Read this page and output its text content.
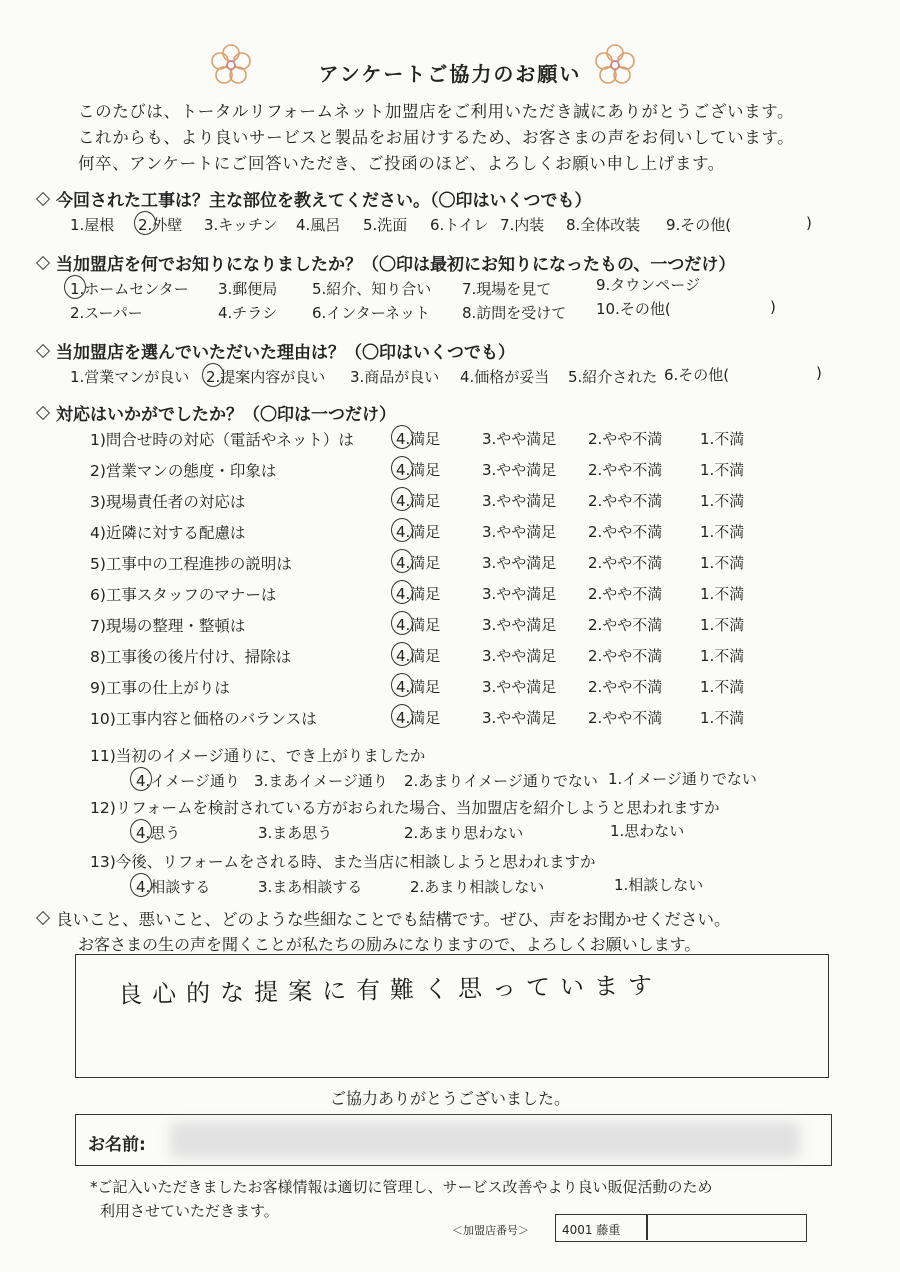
アンケートご協力のお願い
このたびは、トータルリフォームネット加盟店をご利用いただき誠にありがとうございます。
これからも、より良いサービスと製品をお届けするため、お客さまの声をお伺いしています。
何卒、アンケートにご回答いただき、ご投函のほど、よろしくお願い申し上げます。
今回された工事は？主な部位を教えてください。（〇印はいくつでも）
1.屋根 2.外壁 3.キッチン 4.風呂 5.洗面 6.トイレ 7.内装 8.全体改装 9.その他(	)
当加盟店を何でお知りになりましたか？（〇印は最初にお知りになったもの、一つだけ）
1.ホームセンター 3.郵便局 5.紹介、知り合い 7.現場を見て	9.タウンページ
2.スーパー	4.チラシ 6.インターネット 8.訪問を受けて 10.その他(	)
当加盟店を選んでいただいた理由は？（〇印はいくつでも）
1.営業マンが良い 2.提案内容が良い 3.商品が良い 4.価格が妥当 5.紹介された 6.その他(	)
対応はいかがでしたか？（〇印は一つだけ）
1)問合せ時の対応（電話やネット）は	4.満足	3.やや満足 2.やや不満	1.不満
2)営業マンの態度・印象は	4.満足	3.やや満足 2.やや不満	1.不満
3)現場責任者の対応は	4.満足	3.やや満足 2.やや不満	1.不満
4)近隣に対する配慮は	4.満足	3.やや満足 2.やや不満	1.不満
5)工事中の工程進捗の説明は	4.満足	3.やや満足 2.やや不満	1.不満
6)工事スタッフのマナーは	4.満足	3.やや満足 2.やや不満	1.不満
7)現場の整理・整頓は	4.満足	3.やや満足 2.やや不満	1.不満
8)工事後の後片付け、掃除は	4.満足	3.やや満足 2.やや不満	1.不満
9)工事の仕上がりは	4.満足	3.やや満足 2.やや不満	1.不満
10)工事内容と価格のバランスは	4.満足	3.やや満足 2.やや不満	1.不満
11)当初のイメージ通りに、でき上がりましたか
4.イメージ通り 3.まあイメージ通り 2.あまりイメージ通りでない 1.イメージ通りでない
12)リフォームを検討されている方がおられた場合、当加盟店を紹介しようと思われますか
4.思う	3.まあ思う	2.あまり思わない	1.思わない
13)今後、リフォームをされる時、また当店に相談しようと思われますか
4.相談する	3.まあ相談する	2.あまり相談しない	1.相談しない
良いこと、悪いこと、どのような些細なことでも結構です。ぜひ、声をお聞かせください。
お客さまの生の声を聞くことが私たちの励みになりますので、よろしくお願いします。
良心的な提案に有難く思っています
ご協力ありがとうございました。
お名前:
*ご記入いただきましたお客様情報は適切に管理し、サービス改善やより良い販促活動のため
利用させていただきます。
＜加盟店番号＞	4001 藤重
